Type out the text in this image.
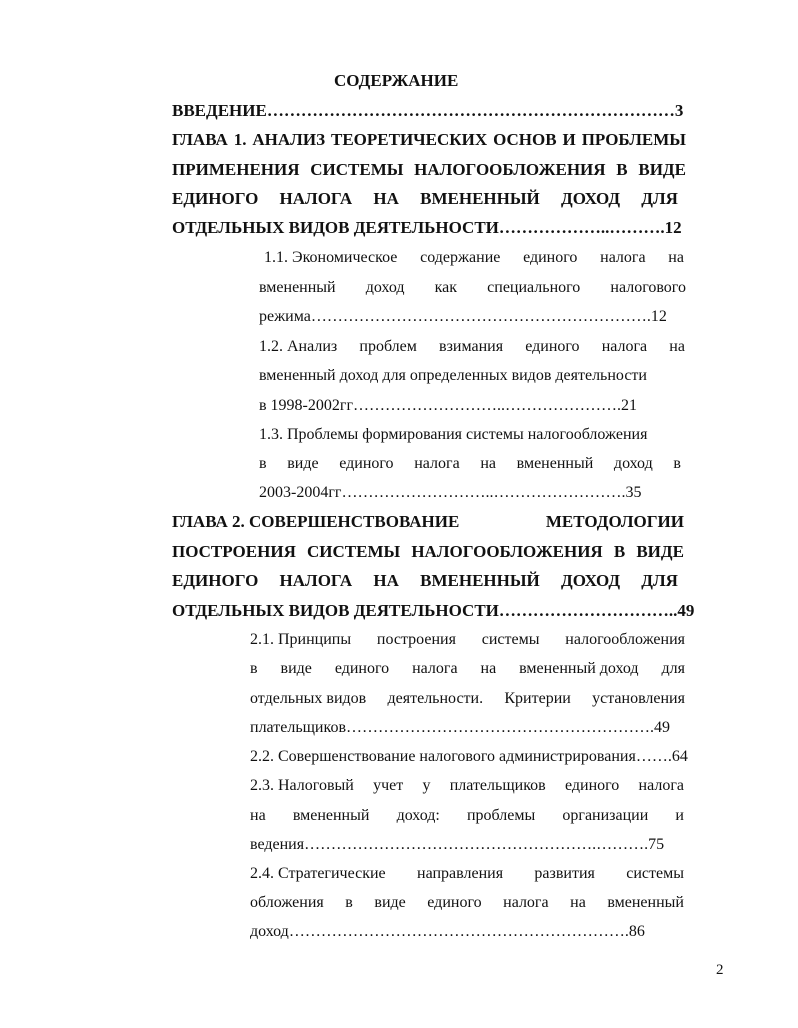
СОДЕРЖАНИЕ
ВВЕДЕНИЕ………………………………………………………………3
ГЛАВА 1. АНАЛИЗ ТЕОРЕТИЧЕСКИХ ОСНОВ И ПРОБЛЕМЫ
ПРИМЕНЕНИЯ СИСТЕМЫ НАЛОГООБЛОЖЕНИЯ В ВИДЕ
ЕДИНОГО НАЛОГА НА ВМЕНЕННЫЙ ДОХОД ДЛЯ
ОТДЕЛЬНЫХ ВИДОВ ДЕЯТЕЛЬНОСТИ………………..……….12
1.1. Экономическое содержание единого налога на
вмененный доход как специального налогового
режима……………………………………………………….12
1.2. Анализ проблем взимания единого налога на
вмененный доход для определенных видов деятельности
в 1998-2002гг………………………..………………….21
1.3. Проблемы формирования системы налогообложения
в виде единого налога на вмененный доход в
2003-2004гг………………………..…………………….35
ГЛАВА 2. СОВЕРШЕНСТВОВАНИЕ	МЕТОДОЛОГИИ
ПОСТРОЕНИЯ СИСТЕМЫ НАЛОГООБЛОЖЕНИЯ В ВИДЕ
ЕДИНОГО НАЛОГА НА ВМЕНЕННЫЙ ДОХОД ДЛЯ
ОТДЕЛЬНЫХ ВИДОВ ДЕЯТЕЛЬНОСТИ…………………………..49
2.1. Принципы построения системы налогообложения
в виде единого налога на вмененный доход для
отдельных видов деятельности. Критерии установления
плательщиков………………………………………………….49
2.2. Совершенствование налогового администрирования…….64
2.3. Налоговый учет у плательщиков единого налога
на вмененный доход: проблемы организации и
ведения……………………………………………….……….75
2.4. Стратегические направления развития системы
обложения в виде единого налога на вмененный
доход……………………………………………………….86
2
